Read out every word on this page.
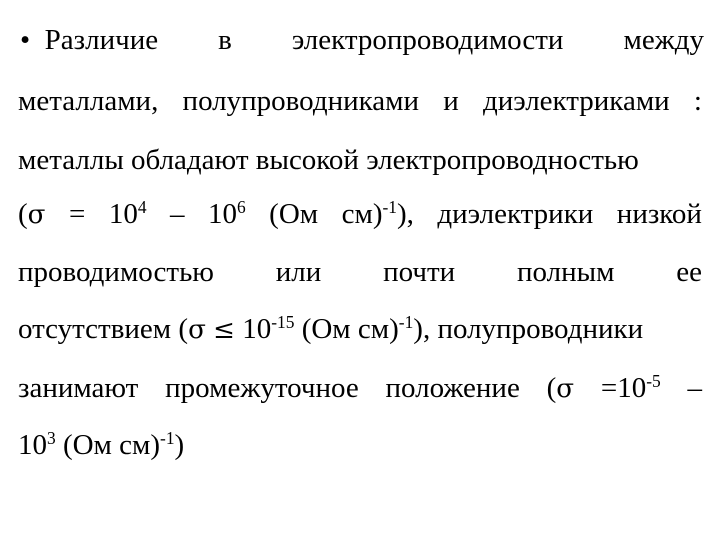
• Различие в электропроводимости между
металлами, полупроводниками и диэлектриками :
металлы обладают высокой электропроводностью
($\sigma = 10^4 - 10^6$ (Ом см)$^{-1}$), диэлектрики низкой
проводимостью или почти полным ее
отсутствием ($\sigma \le 10^{-15}$ (Ом см)$^{-1}$), полупроводники
занимают промежуточное положение ($\sigma =10^{-5}$ –
$10^3$ (Ом см)$^{-1}$)
